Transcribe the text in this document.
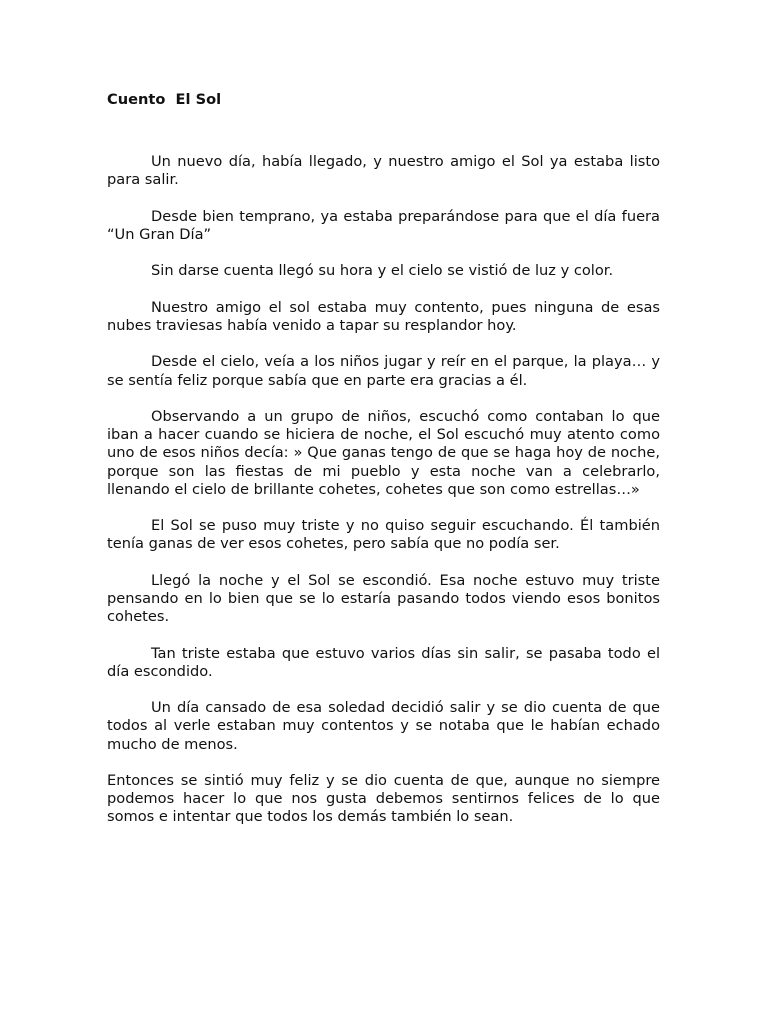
Cuento  El Sol

Un nuevo día, había llegado, y nuestro amigo el Sol ya estaba listo para salir.

Desde bien temprano, ya estaba preparándose para que el día fuera “Un Gran Día”

Sin darse cuenta llegó su hora y el cielo se vistió de luz y color.

Nuestro amigo el sol estaba muy contento, pues ninguna de esas nubes traviesas había venido a tapar su resplandor hoy.

Desde el cielo, veía a los niños jugar y reír en el parque, la playa… y se sentía feliz porque sabía que en parte era gracias a él.

Observando a un grupo de niños, escuchó como contaban lo que iban a hacer cuando se hiciera de noche, el Sol escuchó muy atento como uno de esos niños decía: » Que ganas tengo de que se haga hoy de noche, porque son las fiestas de mi pueblo y esta noche van a celebrarlo, llenando el cielo de brillante cohetes, cohetes que son como estrellas…»

El Sol se puso muy triste y no quiso seguir escuchando. Él también tenía ganas de ver esos cohetes, pero sabía que no podía ser.

Llegó la noche y el Sol se escondió. Esa noche estuvo muy triste pensando en lo bien que se lo estaría pasando todos viendo esos bonitos cohetes.

Tan triste estaba que estuvo varios días sin salir, se pasaba todo el día escondido.

Un día cansado de esa soledad decidió salir y se dio cuenta de que todos al verle estaban muy contentos y se notaba que le habían echado mucho de menos.

Entonces se sintió muy feliz y se dio cuenta de que, aunque no siempre podemos hacer lo que nos gusta debemos sentirnos felices de lo que somos e intentar que todos los demás también lo sean.
